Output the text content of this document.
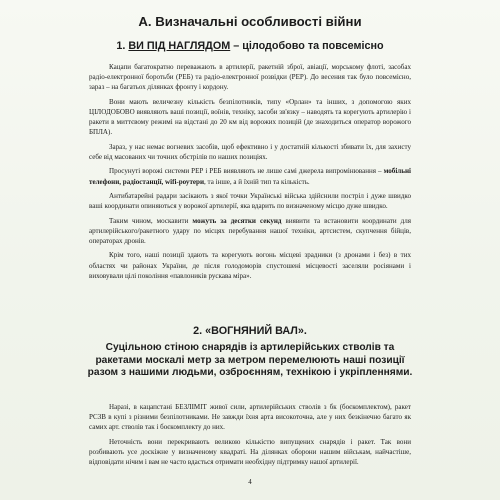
А. Визначальні особливості війни
1. ВИ ПІД НАГЛЯДОМ – цілодобово та повсемісно

Кацапи багатократно переважають в артилерії, ракетній зброї, авіації, морському флоті, засобах радіо-електронної боротьби (РЕБ) та радіо-електронної розвідки (РЕР). До весения так було повсемісно, зараз – на багатьох ділянках фронту і кордону.

Вони мають величезну кількість безпілотників, типу «Орлан» та інших, з допомогою яких ЦІЛОДОБОВО виявляють ваші позиції, воїнів, техніку, засоби зв'язку – наводять та корегують артилерію і ракети в миттєвому режимі на відстані до 20 км від ворожих позицій (де знаходиться оператор ворожого БПЛА).

Зараз, у нас немає вогневих засобів, щоб ефективно і у достатній кількості збивати їх, для захисту себе від масованих чи точних обстрілів по наших позиціях.

Просунуті ворожі системи РЕР і РЕБ виявляють не лише самі джерела випромінювання – мобільні телефони, радіостанції, wifi-роутери, та інше, а й їхній тип та кількість.

Антибатарейні радари засікають з якої точки Українські війська здійснили постріл і дуже швидко ваші координати опиняються у ворожої артилерії, яка вдарить по визначеному місцю дуже швидко.

Таким чином, москавити можуть за десятки секунд виявити та встановити координати для артилерійського/ракетного удару по місцях перебування нашої техніки, артсистем, скупчення бійців, операторах дронів.

Крім того, наші позиції здають та корегують вогонь місцеві зрадники (з дронами і без) в тих областях чи районах України, де після голодоморів спустошені місцевості заселяли росіянами і виховували цілі покоління «павлоників рускава міра».

2. «ВОГНЯНИЙ ВАЛ».
Суцільною стіною снарядів із артилерійських стволів та ракетами москалі метр за метром перемелюють наші позиції разом з нашими людьми, озброєнням, технікою і укріпленнями.

Наразі, в кацапстані БЕЗЛІМІТ живої сили, артилерійських стволів з бк (боєкомплектом), ракет РСЗВ в купі з різними безпілотниками. Не завжди їхня арта високоточна, але у них безкінечно багато як самих арт. стволів так і боєкомплекту до них.

Неточність вони перекривають великою кількістю випущених снарядів і ракет. Так вони розбивають усе доскіжне у визначеному квадраті. На ділянках оборони нашим військам, найчастіше, відповідати нічим і вам не часто вдасться отримати необхідну підтримку нашої артилерії.

4
